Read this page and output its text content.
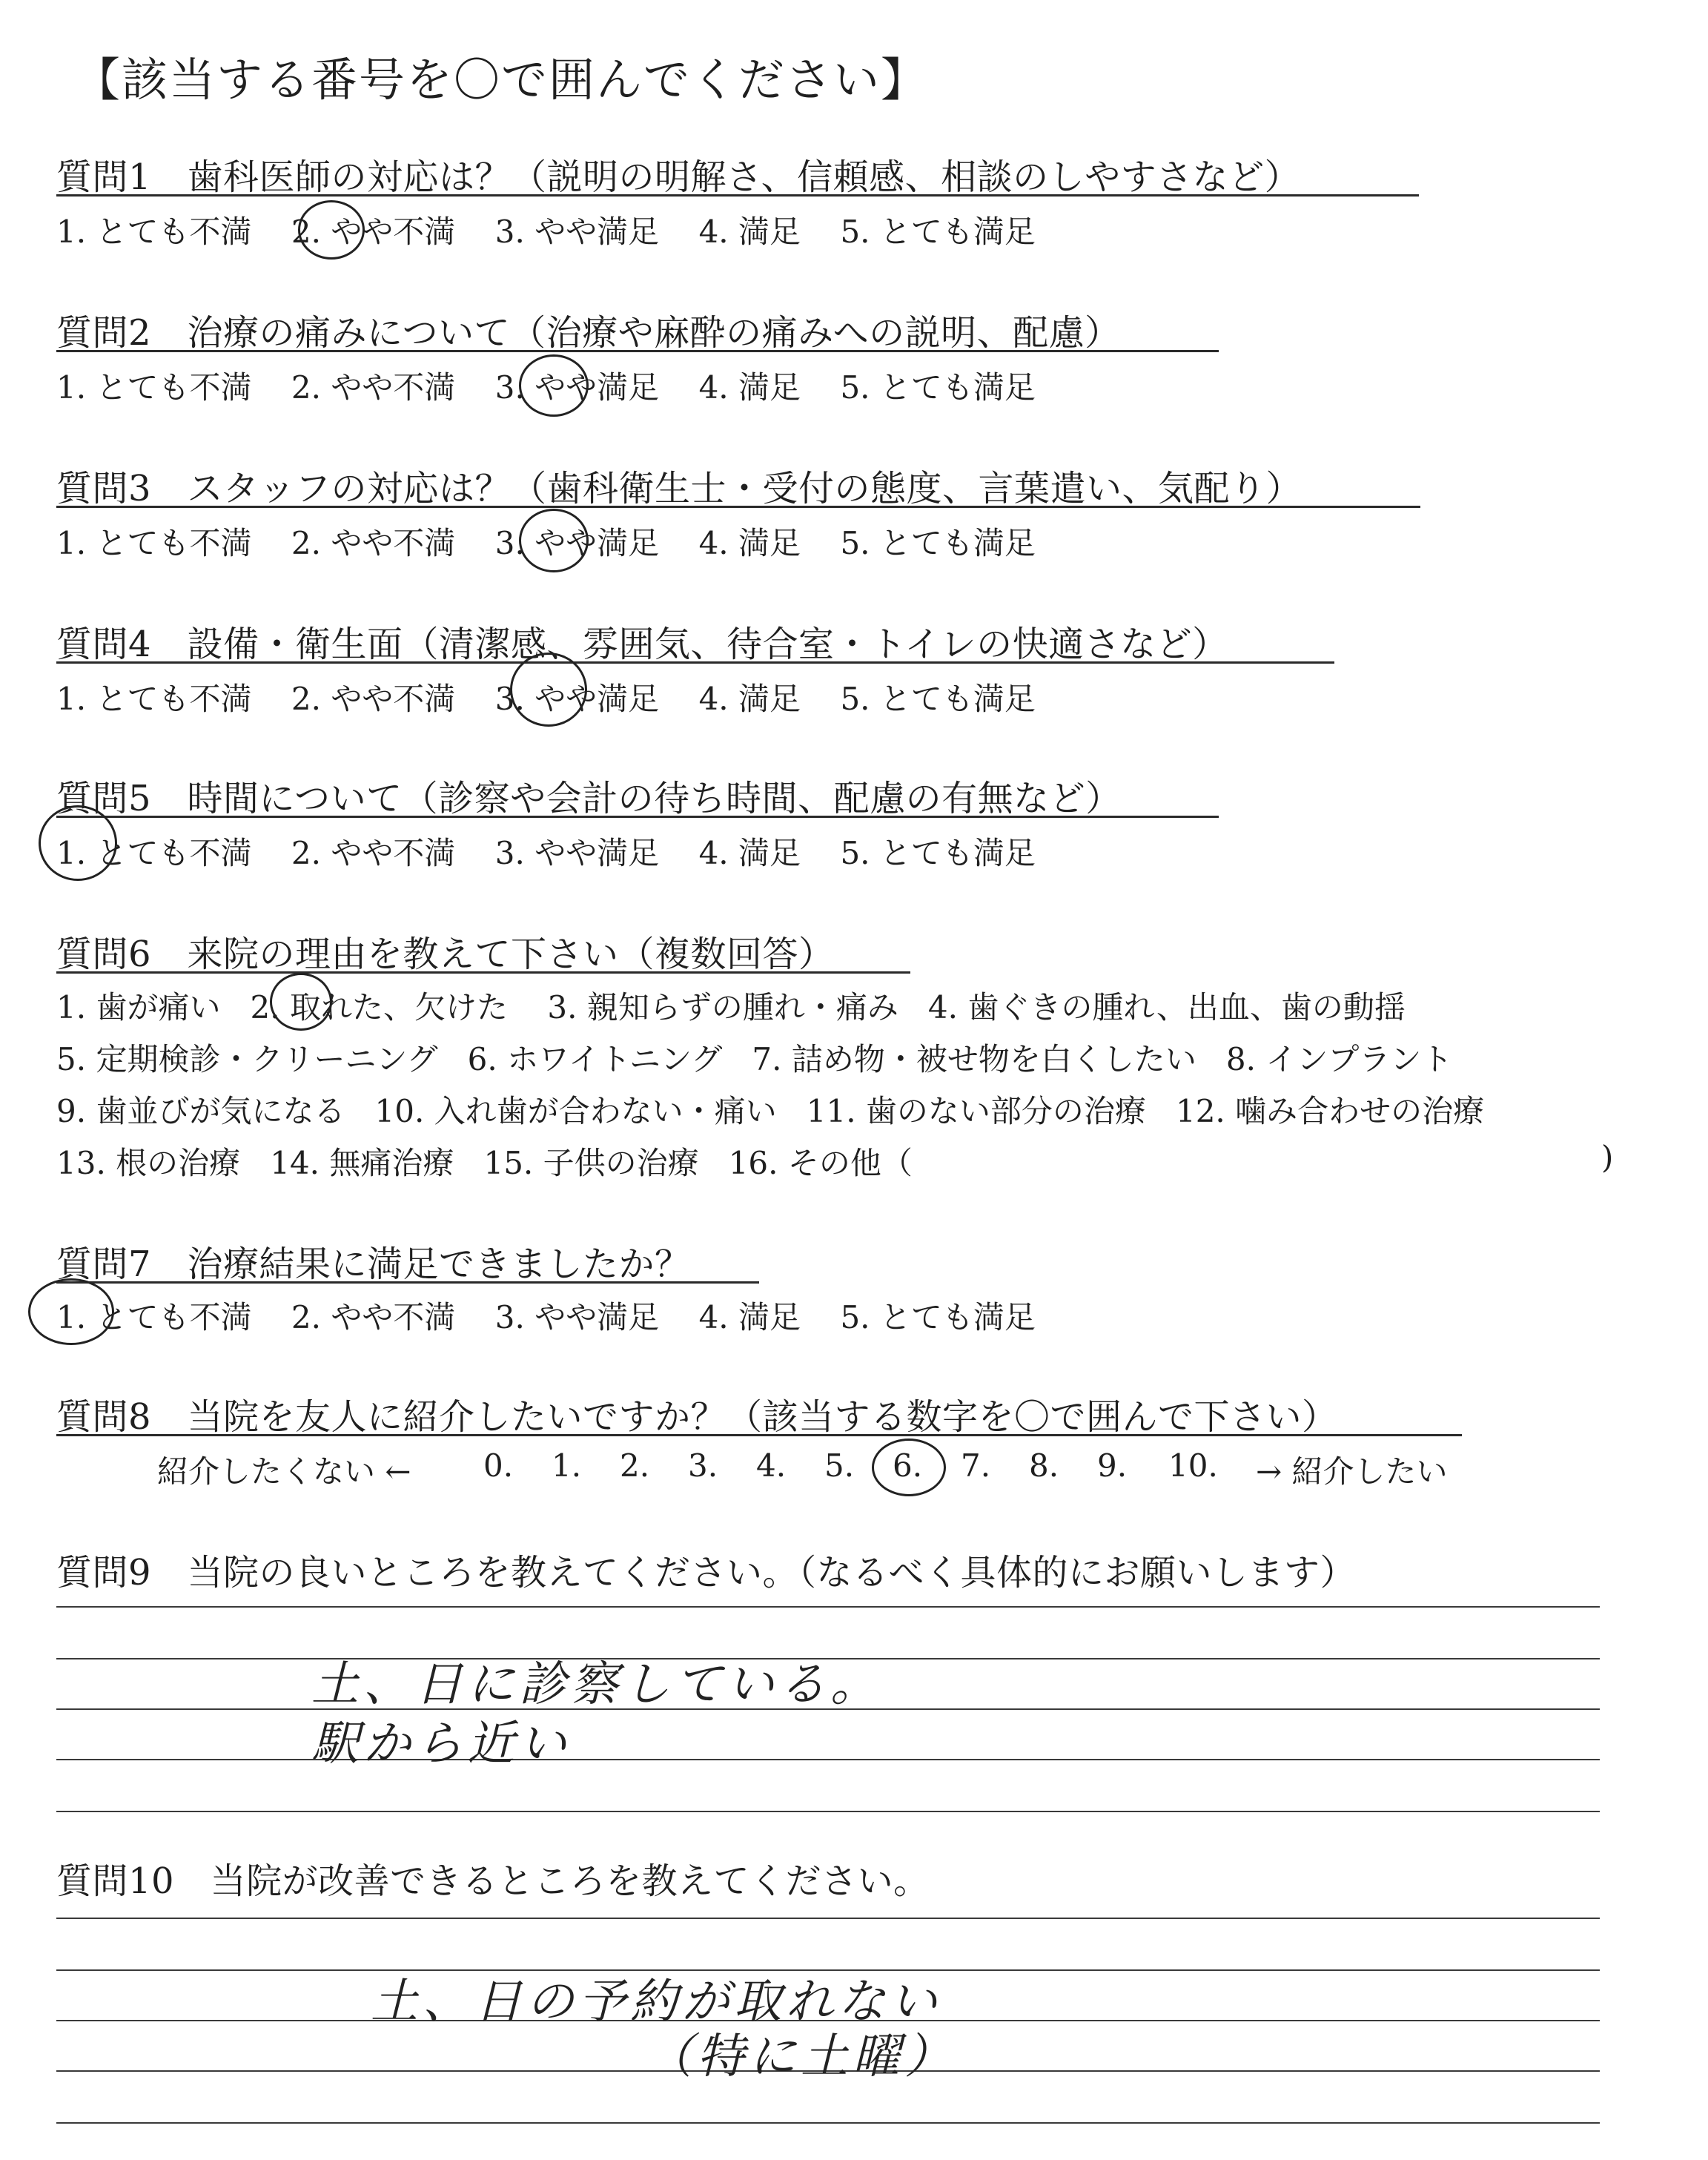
【該当する番号を〇で囲んでください】
質問1　歯科医師の対応は？（説明の明解さ、信頼感、相談のしやすさなど）
1. とても不満 2. やや不満 3. やや満足 4. 満足 5. とても満足
質問2　治療の痛みについて（治療や麻酔の痛みへの説明、配慮）
1. とても不満 2. やや不満 3. やや満足 4. 満足 5. とても満足
質問3　スタッフの対応は？（歯科衛生士・受付の態度、言葉遣い、気配り）
1. とても不満 2. やや不満 3. やや満足 4. 満足 5. とても満足
質問4　設備・衛生面（清潔感、雰囲気、待合室・トイレの快適さなど）
1. とても不満 2. やや不満 3. やや満足 4. 満足 5. とても満足
質問5　時間について（診察や会計の待ち時間、配慮の有無など）
1. とても不満 2. やや不満 3. やや満足 4. 満足 5. とても満足
質問6　来院の理由を教えて下さい（複数回答）
1. 歯が痛い 2. 取れた、欠けた 3. 親知らずの腫れ・痛み 4. 歯ぐきの腫れ、出血、歯の動揺
5. 定期検診・クリーニング 6. ホワイトニング 7. 詰め物・被せ物を白くしたい 8. インプラント
9. 歯並びが気になる 10. 入れ歯が合わない・痛い 11. 歯のない部分の治療 12. 噛み合わせの治療
13. 根の治療 14. 無痛治療 15. 子供の治療 16. その他（	)
質問7　治療結果に満足できましたか？
1. とても不満 2. やや不満 3. やや満足 4. 満足 5. とても満足
質問8　当院を友人に紹介したいですか？（該当する数字を〇で囲んで下さい）
紹介したくない ← 0. 1. 2. 3. 4. 5. 6. 7. 8. 9. 10. → 紹介したい
質問9　当院の良いところを教えてください。（なるべく具体的にお願いします）
土、日に診察している。
駅から近い
質問10　当院が改善できるところを教えてください。
土、日の予約が取れない
（特に土曜）
